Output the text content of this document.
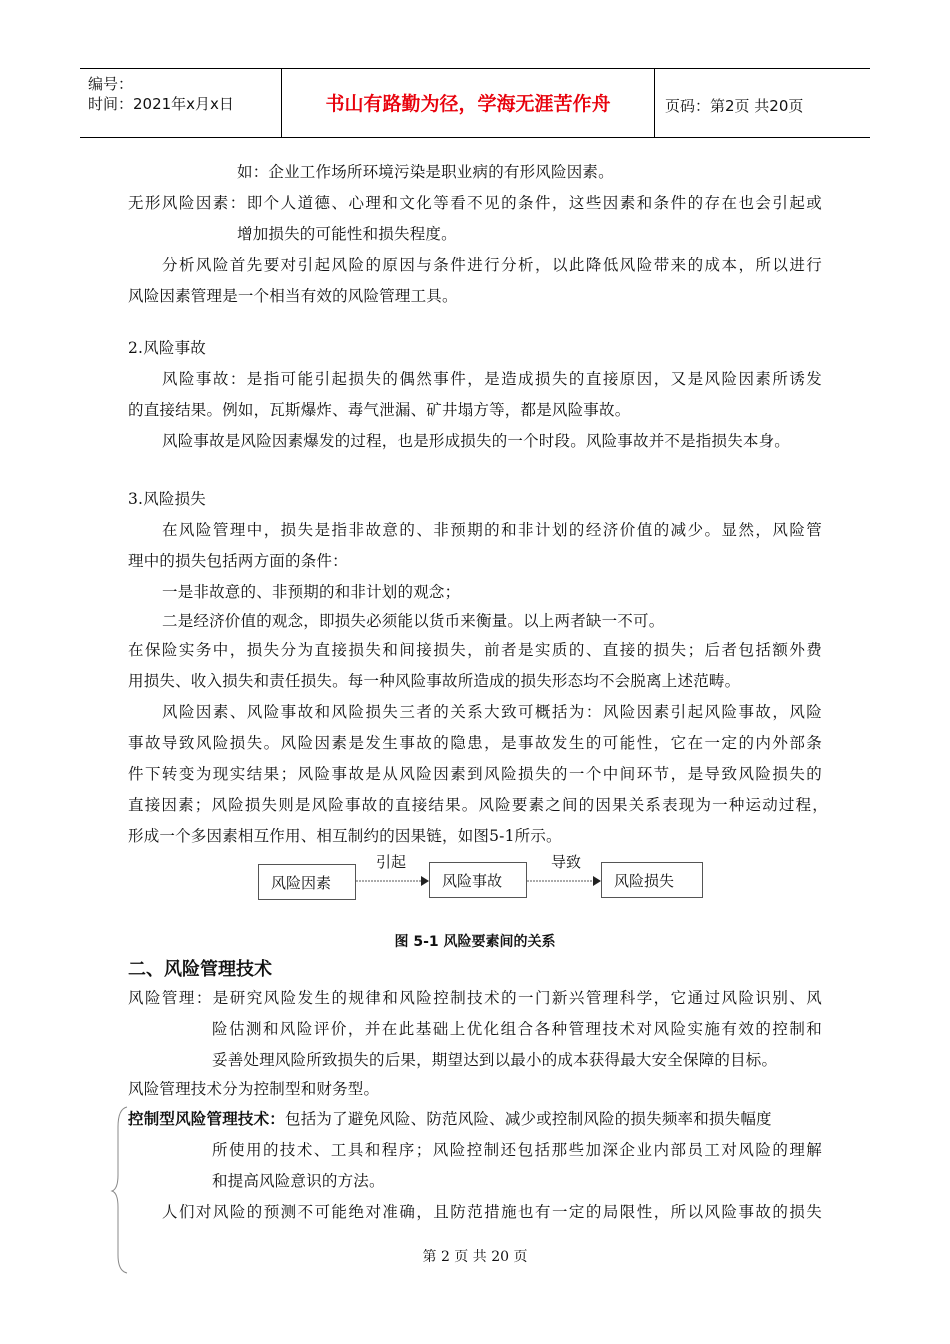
编号：
时间：2021年x月x日	书山有路勤为径，学海无涯苦作舟	页码：第2页 共20页
如：企业工作场所环境污染是职业病的有形风险因素。
无形风险因素：即个人道德、心理和文化等看不见的条件，这些因素和条件的存在也会引起或
增加损失的可能性和损失程度。
分析风险首先要对引起风险的原因与条件进行分析，以此降低风险带来的成本，所以进行
风险因素管理是一个相当有效的风险管理工具。
2.风险事故
风险事故：是指可能引起损失的偶然事件，是造成损失的直接原因，又是风险因素所诱发
的直接结果。例如，瓦斯爆炸、毒气泄漏、矿井塌方等，都是风险事故。
风险事故是风险因素爆发的过程，也是形成损失的一个时段。风险事故并不是指损失本身。
3.风险损失
在风险管理中，损失是指非故意的、非预期的和非计划的经济价值的减少。显然，风险管
理中的损失包括两方面的条件：
一是非故意的、非预期的和非计划的观念；
二是经济价值的观念，即损失必须能以货币来衡量。以上两者缺一不可。
在保险实务中，损失分为直接损失和间接损失，前者是实质的、直接的损失；后者包括额外费
用损失、收入损失和责任损失。每一种风险事故所造成的损失形态均不会脱离上述范畴。
风险因素、风险事故和风险损失三者的关系大致可概括为：风险因素引起风险事故，风险
事故导致风险损失。风险因素是发生事故的隐患，是事故发生的可能性，它在一定的内外部条
件下转变为现实结果；风险事故是从风险因素到风险损失的一个中间环节，是导致风险损失的
直接因素；风险损失则是风险事故的直接结果。风险要素之间的因果关系表现为一种运动过程，
形成一个多因素相互作用、相互制约的因果链，如图5-1所示。
风险因素
引起
风险事故
导致
风险损失
图 5-1 风险要素间的关系
二、风险管理技术
风险管理：是研究风险发生的规律和风险控制技术的一门新兴管理科学，它通过风险识别、风
险估测和风险评价，并在此基础上优化组合各种管理技术对风险实施有效的控制和
妥善处理风险所致损失的后果，期望达到以最小的成本获得最大安全保障的目标。
风险管理技术分为控制型和财务型。
控制型风险管理技术：包括为了避免风险、防范风险、减少或控制风险的损失频率和损失幅度
所使用的技术、工具和程序；风险控制还包括那些加深企业内部员工对风险的理解
和提高风险意识的方法。
人们对风险的预测不可能绝对准确，且防范措施也有一定的局限性，所以风险事故的损失
第 2 页 共 20 页
